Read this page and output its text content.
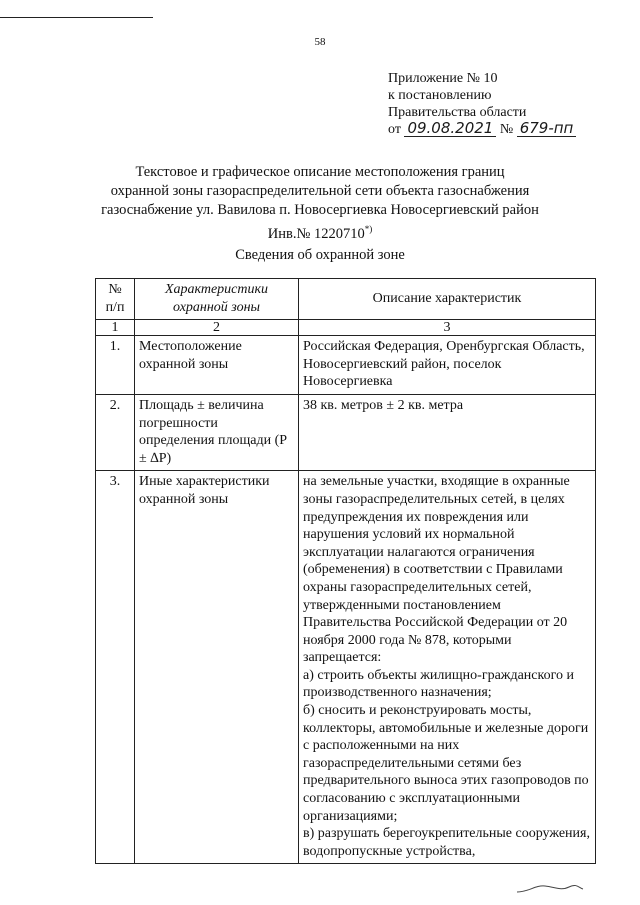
58
Приложение № 10
к постановлению
Правительства области
от 09.08.2021 № 679-пп
Текстовое и графическое описание местоположения границ
охранной зоны газораспределительной сети объекта газоснабжения
газоснабжение ул. Вавилова п. Новосергиевка Новосергиевский район
Инв.№ 1220710*)
Сведения об охранной зоне
№
п/п	Характеристики охранной зоны	Описание характеристик
1	2	3
1.	Местоположение охранной зоны	Российская Федерация, Оренбургская Область, Новосергиевский район, поселок Новосергиевка
2.	Площадь ± величина погрешности определения площади (P ± ∆P)	38 кв. метров ± 2 кв. метра
3.	Иные характеристики охранной зоны	на земельные участки, входящие в охранные зоны газораспределительных сетей, в целях предупреждения их повреждения или нарушения условий их нормальной эксплуатации налагаются ограничения (обременения) в соответствии с Правилами охраны газораспределительных сетей, утвержденными постановлением Правительства Российской Федерации от 20 ноября 2000 года № 878, которыми запрещается:
а) строить объекты жилищно-гражданского и производственного назначения;
б) сносить и реконструировать мосты, коллекторы, автомобильные и железные дороги с расположенными на них газораспределительными сетями без предварительного выноса этих газопроводов по согласованию с эксплуатационными организациями;
в) разрушать берегоукрепительные сооружения, водопропускные устройства,
